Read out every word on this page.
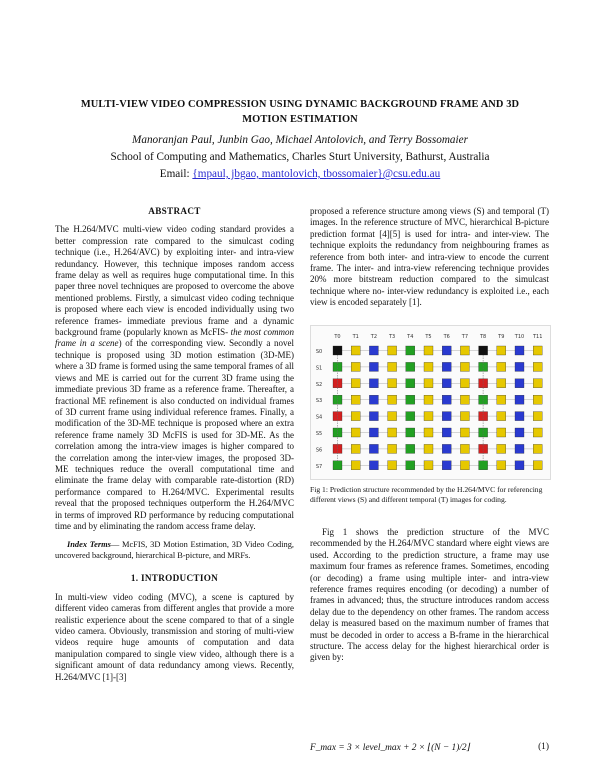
MULTI-VIEW VIDEO COMPRESSION USING DYNAMIC BACKGROUND FRAME AND 3D MOTION ESTIMATION
Manoranjan Paul, Junbin Gao, Michael Antolovich, and Terry Bossomaier
School of Computing and Mathematics, Charles Sturt University, Bathurst, Australia
Email: {mpaul, jbgao, mantolovich, tbossomaier}@csu.edu.au
ABSTRACT

The H.264/MVC multi-view video coding standard provides a better compression rate compared to the simulcast coding technique (i.e., H.264/AVC) by exploiting inter- and intra-view redundancy. However, this technique imposes random access frame delay as well as requires huge computational time. In this paper three novel techniques are proposed to overcome the above mentioned problems. Firstly, a simulcast video coding technique is proposed where each view is encoded individually using two reference frames- immediate previous frame and a dynamic background frame (popularly known as McFIS- the most common frame in a scene) of the corresponding view. Secondly a novel technique is proposed using 3D motion estimation (3D-ME) where a 3D frame is formed using the same temporal frames of all views and ME is carried out for the current 3D frame using the immediate previous 3D frame as a reference frame. Thereafter, a fractional ME refinement is also conducted on individual frames of 3D current frame using individual reference frames. Finally, a modification of the 3D-ME technique is proposed where an extra reference frame namely 3D McFIS is used for 3D-ME. As the correlation among the intra-view images is higher compared to the correlation among the inter-view images, the proposed 3D-ME techniques reduce the overall computational time and eliminate the frame delay with comparable rate-distortion (RD) performance compared to H.264/MVC. Experimental results reveal that the proposed techniques outperform the H.264/MVC in terms of improved RD performance by reducing computational time and by eliminating the random access frame delay.

Index Terms— McFIS, 3D Motion Estimation, 3D Video Coding, uncovered background, hierarchical B-picture, and MRFs.

1. INTRODUCTION

In multi-view video coding (MVC), a scene is captured by different video cameras from different angles that provide a more realistic experience about the scene compared to that of a single video camera. Obviously, transmission and storing of multi-view videos require huge amounts of computation and data manipulation compared to single view video, although there is a significant amount of data redundancy among views. Recently, H.264/MVC [1]-[3]

proposed a reference structure among views (S) and temporal (T) images. In the reference structure of MVC, hierarchical B-picture prediction format [4][5] is used for intra- and inter-view. The technique exploits the redundancy from neighbouring frames as reference from both inter- and intra-view to encode the current frame. The inter- and intra-view referencing technique provides 20% more bitstream reduction compared to the simulcast technique where no- inter-view redundancy is exploited i.e., each view is encoded separately [1].

T0 T1 T2 T3 T4 T5 T6 T7 T8 T9 T10 T11
S0
S1
S2
S3
S4
S5
S6
S7
Fig 1: Prediction structure recommended by the H.264/MVC for referencing different views (S) and different temporal (T) images for coding.

Fig 1 shows the prediction structure of the MVC recommended by the H.264/MVC standard where eight views are used. According to the prediction structure, a frame may use maximum four frames as reference frames. Sometimes, encoding (or decoding) a frame using multiple inter- and intra-view reference frames requires encoding (or decoding) a number of frames in advanced; thus, the structure introduces random access delay due to the dependency on other frames. The random access delay is measured based on the maximum number of frames that must be decoded in order to access a B-frame in the hierarchical structure. The access delay for the highest hierarchical order is given by:

F_max = 3 × level_max + 2 × ⌊(N − 1)/2⌋	(1)
